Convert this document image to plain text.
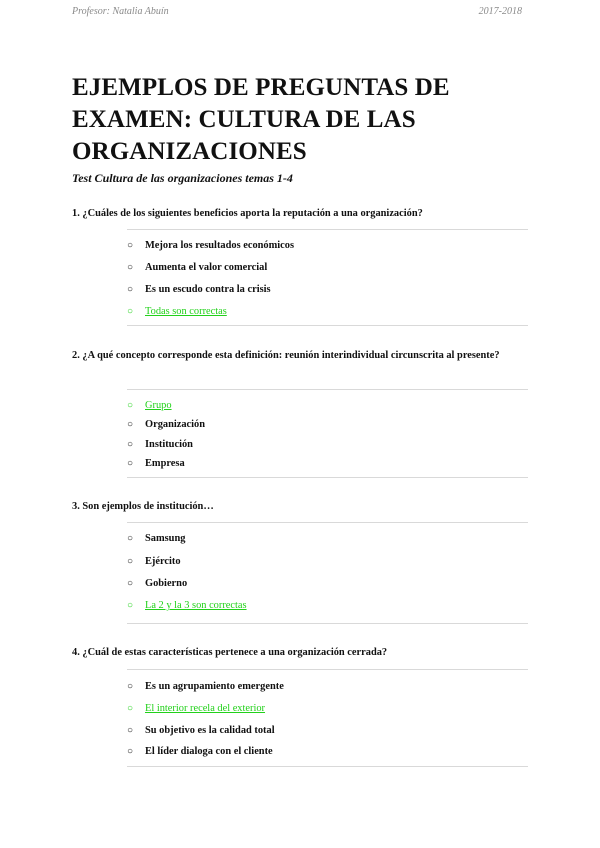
Profesor: Natalia Abuín	2017-2018
EJEMPLOS DE PREGUNTAS DE EXAMEN: CULTURA DE LAS ORGANIZACIONES
Test Cultura de las organizaciones temas 1-4
1. ¿Cuáles de los siguientes beneficios aporta la reputación a una organización?
○	Mejora los resultados económicos
○	Aumenta el valor comercial
○	Es un escudo contra la crisis
○	Todas son correctas
2. ¿A qué concepto corresponde esta definición: reunión interindividual circunscrita al presente?
○	Grupo
○	Organización
○	Institución
○	Empresa
3. Son ejemplos de institución…
○	Samsung
○	Ejército
○	Gobierno
○	La 2 y la 3 son correctas
4. ¿Cuál de estas características pertenece a una organización cerrada?
○	Es un agrupamiento emergente
○	El interior recela del exterior
○	Su objetivo es la calidad total
○	El líder dialoga con el cliente
